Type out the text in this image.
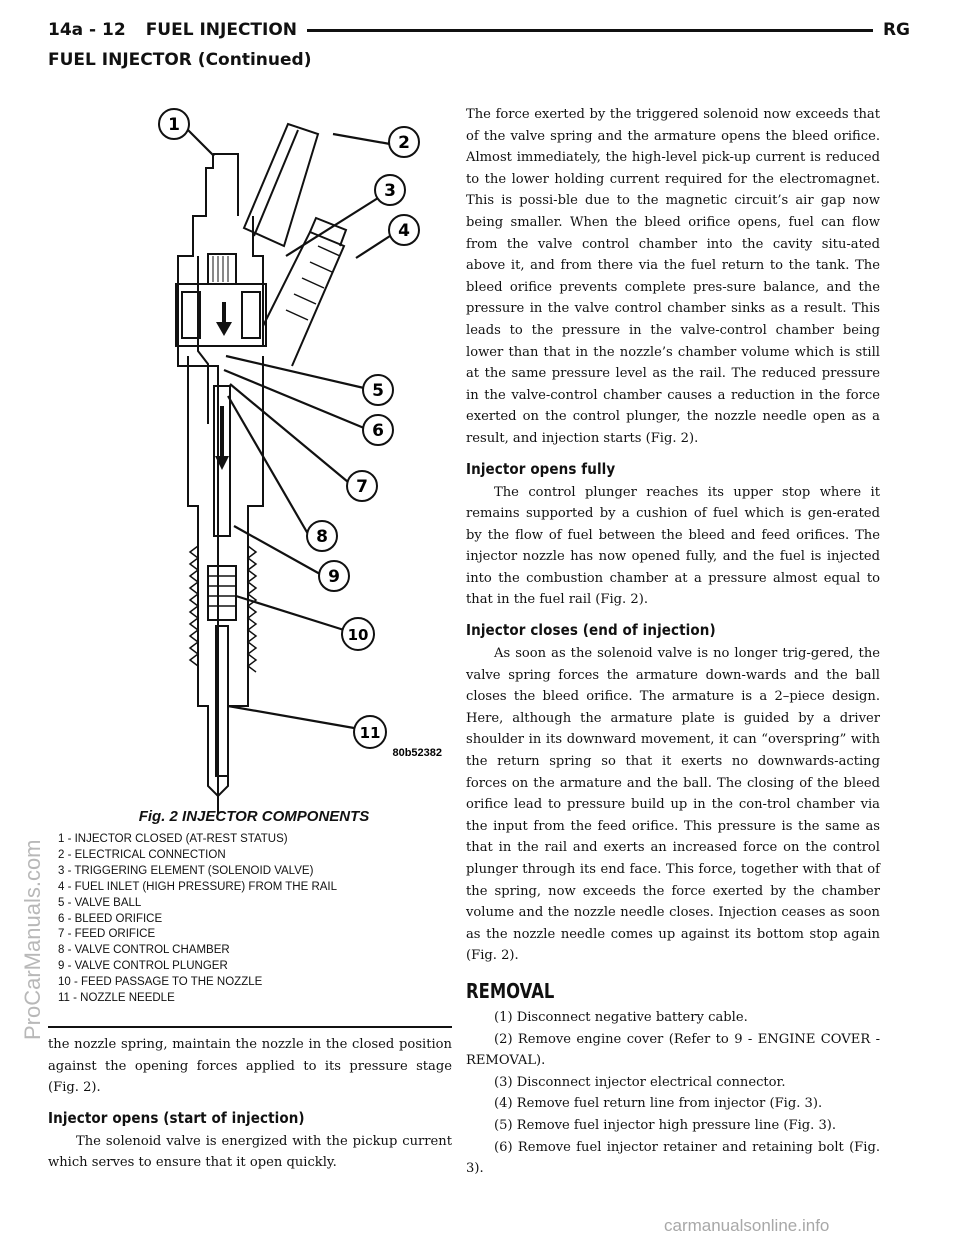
14a - 12 FUEL INJECTION	RG
FUEL INJECTOR (Continued)
1
2
3
4
5
6
7
8
9
10
11
80b52382
Fig. 2 INJECTOR COMPONENTS
1 - INJECTOR CLOSED (AT-REST STATUS)
2 - ELECTRICAL CONNECTION
3 - TRIGGERING ELEMENT (SOLENOID VALVE)
4 - FUEL INLET (HIGH PRESSURE) FROM THE RAIL
5 - VALVE BALL
6 - BLEED ORIFICE
7 - FEED ORIFICE
8 - VALVE CONTROL CHAMBER
9 - VALVE CONTROL PLUNGER
10 - FEED PASSAGE TO THE NOZZLE
11 - NOZZLE NEEDLE

the nozzle spring, maintain the nozzle in the closed position against the opening forces applied to its pressure stage (Fig. 2).

Injector opens (start of injection)

The solenoid valve is energized with the pickup current which serves to ensure that it open quickly.

The force exerted by the triggered solenoid now exceeds that of the valve spring and the armature opens the bleed orifice. Almost immediately, the high-level pick-up current is reduced to the lower holding current required for the electromagnet. This is possi-ble due to the magnetic circuit’s air gap now being smaller. When the bleed orifice opens, fuel can flow from the valve control chamber into the cavity situ-ated above it, and from there via the fuel return to the tank. The bleed orifice prevents complete pres-sure balance, and the pressure in the valve control chamber sinks as a result. This leads to the pressure in the valve-control chamber being lower than that in the nozzle’s chamber volume which is still at the same pressure level as the rail. The reduced pressure in the valve-control chamber causes a reduction in the force exerted on the control plunger, the nozzle needle open as a result, and injection starts (Fig. 2).

Injector opens fully

The control plunger reaches its upper stop where it remains supported by a cushion of fuel which is gen-erated by the flow of fuel between the bleed and feed orifices. The injector nozzle has now opened fully, and the fuel is injected into the combustion chamber at a pressure almost equal to that in the fuel rail (Fig. 2).

Injector closes (end of injection)

As soon as the solenoid valve is no longer trig-gered, the valve spring forces the armature down-wards and the ball closes the bleed orifice. The armature is a 2–piece design. Here, although the armature plate is guided by a driver shoulder in its downward movement, it can “overspring” with the return spring so that it exerts no downwards-acting forces on the armature and the ball. The closing of the bleed orifice lead to pressure build up in the con-trol chamber via the input from the feed orifice. This pressure is the same as that in the rail and exerts an increased force on the control plunger through its end face. This force, together with that of the spring, now exceeds the force exerted by the chamber volume and the nozzle needle closes. Injection ceases as soon as the nozzle needle comes up against its bottom stop again (Fig. 2).

REMOVAL

(1) Disconnect negative battery cable.

(2) Remove engine cover (Refer to 9 - ENGINE COVER - REMOVAL).

(3) Disconnect injector electrical connector.

(4) Remove fuel return line from injector (Fig. 3).

(5) Remove fuel injector high pressure line (Fig. 3).

(6) Remove fuel injector retainer and retaining bolt (Fig. 3).

ProCarManuals.com
carmanualsonline.info
